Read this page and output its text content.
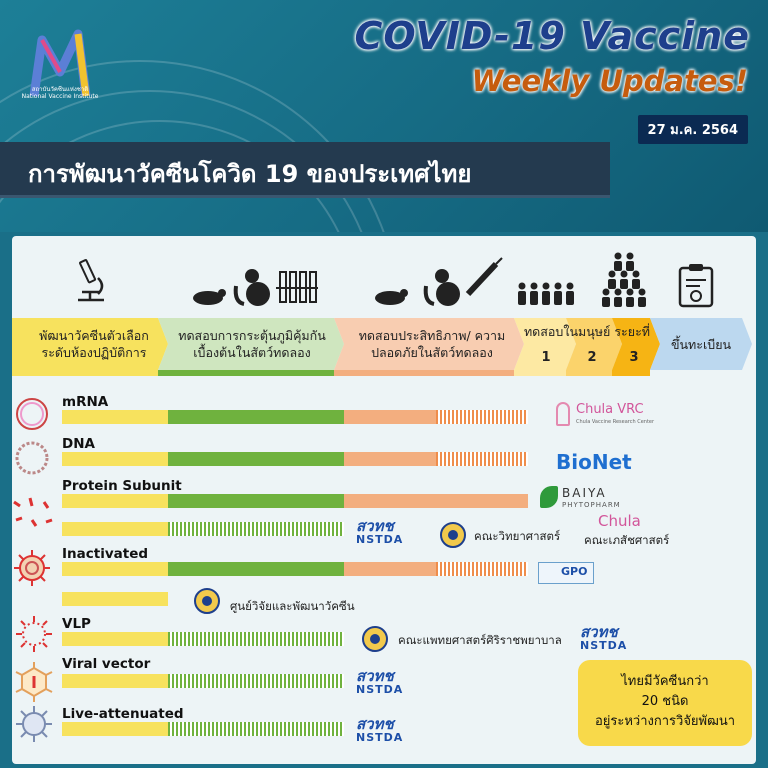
สถาบันวัคซีนแห่งชาติ National Vaccine Institute
COVID-19 Vaccine
Weekly Updates!
27 ม.ค. 2564
การพัฒนาวัคซีนโควิด 19 ของประเทศไทย
พัฒนาวัคซีนตัวเลือก ระดับห้องปฏิบัติการ
ทดสอบการกระตุ้นภูมิคุ้มกัน เบื้องต้นในสัตว์ทดลอง
ทดสอบประสิทธิภาพ/ ความปลอดภัยในสัตว์ทดลอง
ทดสอบในมนุษย์ ระยะที่
1	2	3
ขึ้นทะเบียน
mRNA
DNA
Protein Subunit
Inactivated
VLP
Viral vector
Live-attenuated
Chula VRC
Chula Vaccine Research Center
BioNet
BAIYA
PHYTOPHARM
สวทช
NSTDA	คณะวิทยาศาสตร์
Chula
คณะเภสัชศาสตร์
GPO
ศูนย์วิจัยและพัฒนาวัคซีน
คณะแพทยศาสตร์ศิริราชพยาบาล สวทช
NSTDA
สวทช
NSTDA
สวทช
NSTDA
ไทยมีวัคซีนกว่า
20 ชนิด
อยู่ระหว่างการวิจัยพัฒนา
